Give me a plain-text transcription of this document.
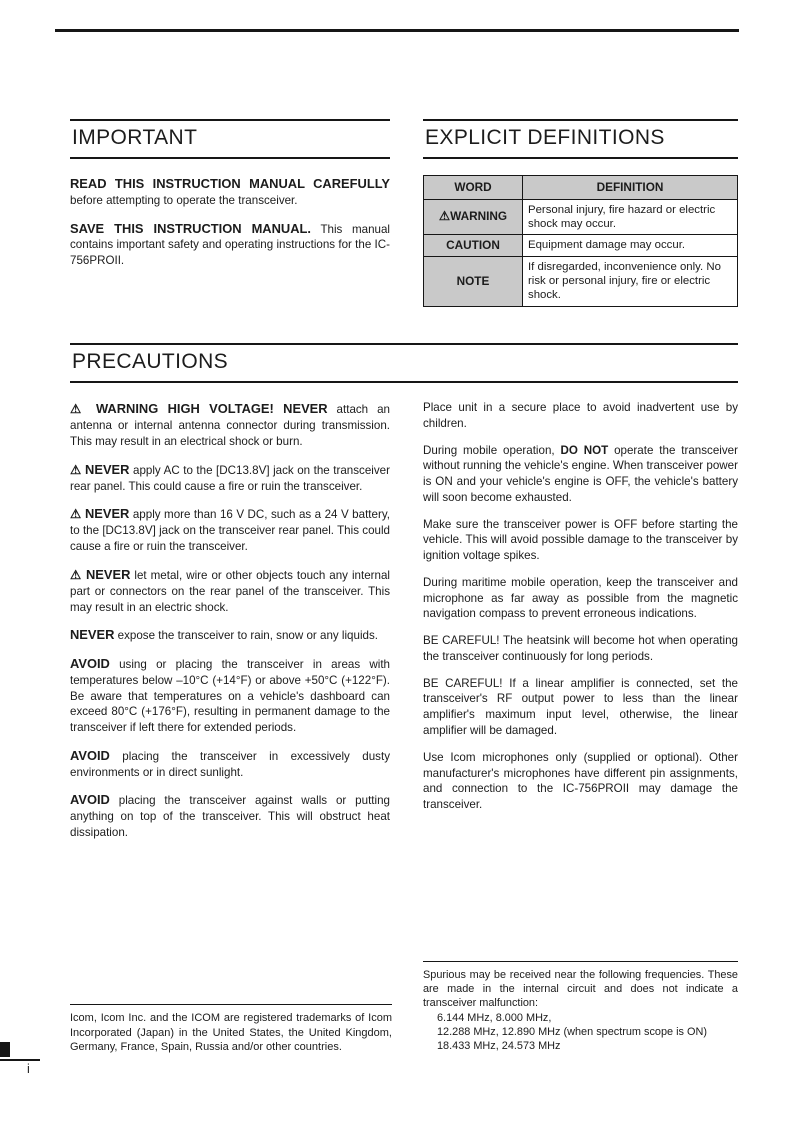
IMPORTANT

READ THIS INSTRUCTION MANUAL CAREFULLY before attempting to operate the transceiver.

SAVE THIS INSTRUCTION MANUAL. This manual contains important safety and operating instructions for the IC-756PROII.

EXPLICIT DEFINITIONS
WORD	DEFINITION
⚠WARNING	Personal injury, fire hazard or electric shock may occur.
CAUTION	Equipment damage may occur.
NOTE	If disregarded, inconvenience only. No risk or personal injury, fire or electric shock.
PRECAUTIONS

⚠ WARNING HIGH VOLTAGE! NEVER attach an antenna or internal antenna connector during transmission. This may result in an electrical shock or burn.

⚠ NEVER apply AC to the [DC13.8V] jack on the transceiver rear panel. This could cause a fire or ruin the transceiver.

⚠ NEVER apply more than 16 V DC, such as a 24 V battery, to the [DC13.8V] jack on the transceiver rear panel. This could cause a fire or ruin the transceiver.

⚠ NEVER let metal, wire or other objects touch any internal part or connectors on the rear panel of the transceiver. This may result in an electric shock.

NEVER expose the transceiver to rain, snow or any liquids.

AVOID using or placing the transceiver in areas with temperatures below –10°C (+14°F) or above +50°C (+122°F). Be aware that temperatures on a vehicle's dashboard can exceed 80°C (+176°F), resulting in permanent damage to the transceiver if left there for extended periods.

AVOID placing the transceiver in excessively dusty environments or in direct sunlight.

AVOID placing the transceiver against walls or putting anything on top of the transceiver. This will obstruct heat dissipation.

Place unit in a secure place to avoid inadvertent use by children.

During mobile operation, DO NOT operate the transceiver without running the vehicle's engine. When transceiver power is ON and your vehicle's engine is OFF, the vehicle's battery will soon become exhausted.

Make sure the transceiver power is OFF before starting the vehicle. This will avoid possible damage to the transceiver by ignition voltage spikes.

During maritime mobile operation, keep the transceiver and microphone as far away as possible from the magnetic navigation compass to prevent erroneous indications.

BE CAREFUL! The heatsink will become hot when operating the transceiver continuously for long periods.

BE CAREFUL! If a linear amplifier is connected, set the transceiver's RF output power to less than the linear amplifier's maximum input level, otherwise, the linear amplifier will be damaged.

Use Icom microphones only (supplied or optional). Other manufacturer's microphones have different pin assignments, and connection to the IC-756PROII may damage the transceiver.

Icom, Icom Inc. and the ICOM are registered trademarks of Icom Incorporated (Japan) in the United States, the United Kingdom, Germany, France, Spain, Russia and/or other countries.
Spurious may be received near the following frequencies. These are made in the internal circuit and does not indicate a transceiver malfunction:
6.144 MHz, 8.000 MHz,
12.288 MHz, 12.890 MHz (when spectrum scope is ON)
18.433 MHz, 24.573 MHz
i
